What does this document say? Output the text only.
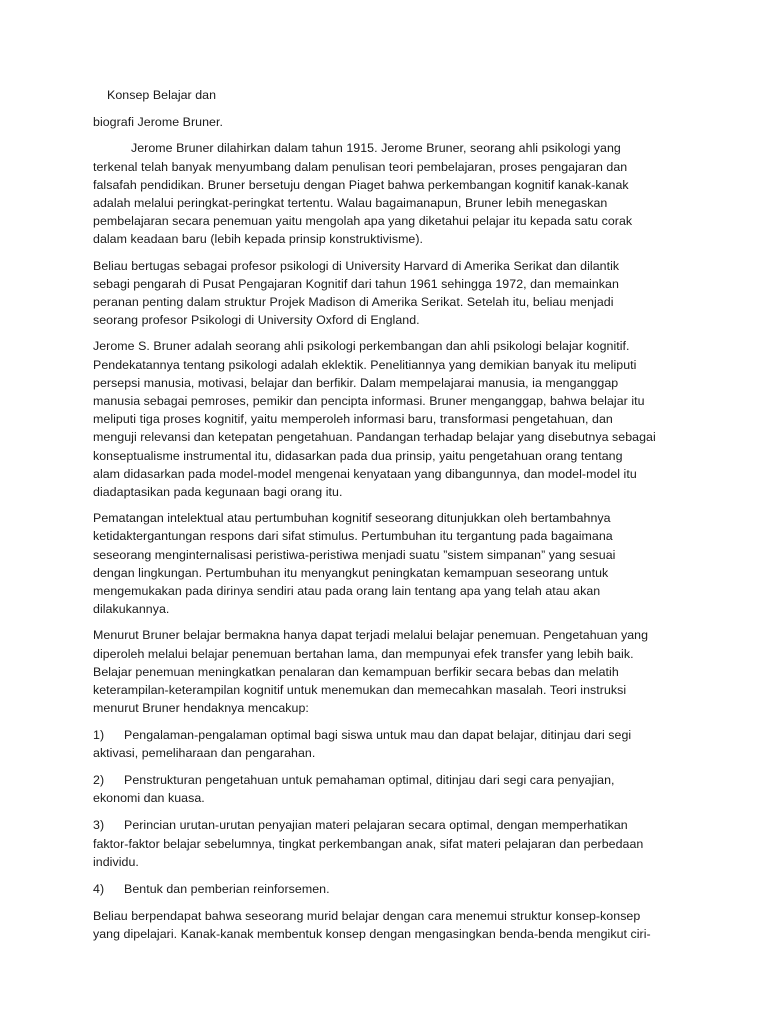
Konsep Belajar dan
biografi Jerome Bruner.
Jerome Bruner dilahirkan dalam tahun 1915. Jerome Bruner, seorang ahli psikologi yang
terkenal telah banyak menyumbang dalam penulisan teori pembelajaran, proses pengajaran dan
falsafah pendidikan. Bruner bersetuju dengan Piaget bahwa perkembangan kognitif kanak-kanak
adalah melalui peringkat-peringkat tertentu. Walau bagaimanapun, Bruner lebih menegaskan
pembelajaran secara penemuan yaitu mengolah apa yang diketahui pelajar itu kepada satu corak
dalam keadaan baru (lebih kepada prinsip konstruktivisme).
Beliau bertugas sebagai profesor psikologi di University Harvard di Amerika Serikat dan dilantik
sebagi pengarah di Pusat Pengajaran Kognitif dari tahun 1961 sehingga 1972, dan memainkan
peranan penting dalam struktur Projek Madison di Amerika Serikat. Setelah itu, beliau menjadi
seorang profesor Psikologi di University Oxford di England.
Jerome S. Bruner adalah seorang ahli psikologi perkembangan dan ahli psikologi belajar kognitif.
Pendekatannya tentang psikologi adalah eklektik. Penelitiannya yang demikian banyak itu meliputi
persepsi manusia, motivasi, belajar dan berfikir. Dalam mempelajarai manusia, ia menganggap
manusia sebagai pemroses, pemikir dan pencipta informasi. Bruner menganggap, bahwa belajar itu
meliputi tiga proses kognitif, yaitu memperoleh informasi baru, transformasi pengetahuan, dan
menguji relevansi dan ketepatan pengetahuan. Pandangan terhadap belajar yang disebutnya sebagai
konseptualisme instrumental itu, didasarkan pada dua prinsip, yaitu pengetahuan orang tentang
alam didasarkan pada model-model mengenai kenyataan yang dibangunnya, dan model-model itu
diadaptasikan pada kegunaan bagi orang itu.
Pematangan intelektual atau pertumbuhan kognitif seseorang ditunjukkan oleh bertambahnya
ketidaktergantungan respons dari sifat stimulus. Pertumbuhan itu tergantung pada bagaimana
seseorang menginternalisasi peristiwa-peristiwa menjadi suatu ”sistem simpanan” yang sesuai
dengan lingkungan. Pertumbuhan itu menyangkut peningkatan kemampuan seseorang untuk
mengemukakan pada dirinya sendiri atau pada orang lain tentang apa yang telah atau akan
dilakukannya.
Menurut Bruner belajar bermakna hanya dapat terjadi melalui belajar penemuan. Pengetahuan yang
diperoleh melalui belajar penemuan bertahan lama, dan mempunyai efek transfer yang lebih baik.
Belajar penemuan meningkatkan penalaran dan kemampuan berfikir secara bebas dan melatih
keterampilan-keterampilan kognitif untuk menemukan dan memecahkan masalah. Teori instruksi
menurut Bruner hendaknya mencakup:
1) Pengalaman-pengalaman optimal bagi siswa untuk mau dan dapat belajar, ditinjau dari segi
aktivasi, pemeliharaan dan pengarahan.
2) Penstrukturan pengetahuan untuk pemahaman optimal, ditinjau dari segi cara penyajian,
ekonomi dan kuasa.
3) Perincian urutan-urutan penyajian materi pelajaran secara optimal, dengan memperhatikan
faktor-faktor belajar sebelumnya, tingkat perkembangan anak, sifat materi pelajaran dan perbedaan
individu.
4) Bentuk dan pemberian reinforsemen.
Beliau berpendapat bahwa seseorang murid belajar dengan cara menemui struktur konsep-konsep
yang dipelajari. Kanak-kanak membentuk konsep dengan mengasingkan benda-benda mengikut ciri-
